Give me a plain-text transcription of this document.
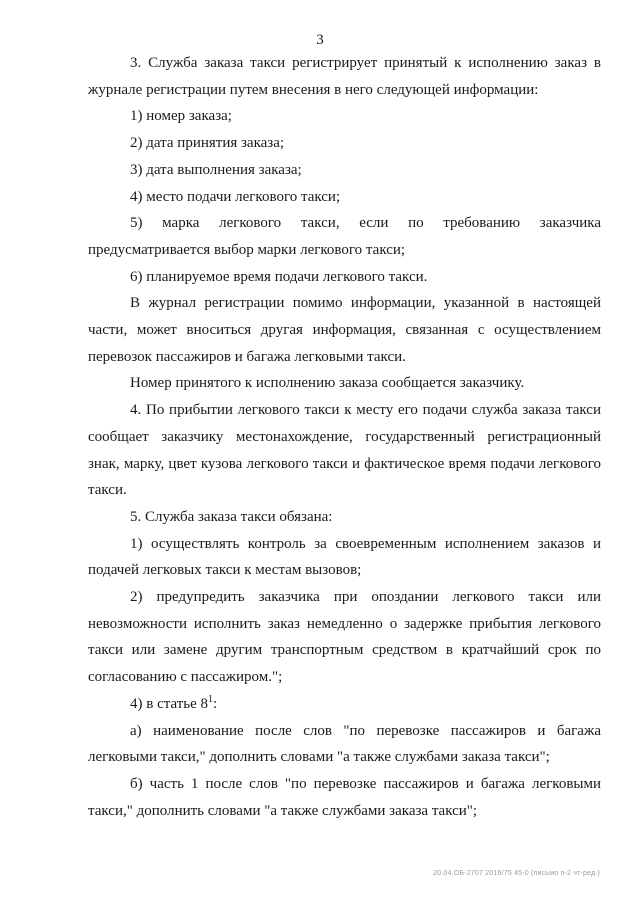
3

3. Служба заказа такси регистрирует принятый к исполнению заказ в журнале регистрации путем внесения в него следующей информации:

1) номер заказа;

2) дата принятия заказа;

3) дата выполнения заказа;

4) место подачи легкового такси;

5) марка легкового такси, если по требованию заказчика предусматривается выбор марки легкового такси;

6) планируемое время подачи легкового такси.

В журнал регистрации помимо информации, указанной в настоящей части, может вноситься другая информация, связанная с осуществлением перевозок пассажиров и багажа легковыми такси.

Номер принятого к исполнению заказа сообщается заказчику.

4. По прибытии легкового такси к месту его подачи служба заказа такси сообщает заказчику местонахождение, государственный регистрационный знак, марку, цвет кузова легкового такси и фактическое время подачи легкового такси.

5. Служба заказа такси обязана:

1) осуществлять контроль за своевременным исполнением заказов и подачей легковых такси к местам вызовов;

2) предупредить заказчика при опоздании легкового такси или невозможности исполнить заказ немедленно о задержке прибытия легкового такси или замене другим транспортным средством в кратчайший срок по согласованию с пассажиром.";

4) в статье $8^1$:

а) наименование после слов "по перевозке пассажиров и багажа легковыми такси," дополнить словами "а также службами заказа такси";

б) часть 1 после слов "по перевозке пассажиров и багажа легковыми такси," дополнить словами "а также службами заказа такси";

20.04.ОБ-2707 2016/75 45-0 (письмо п-2 чт-ред.)
